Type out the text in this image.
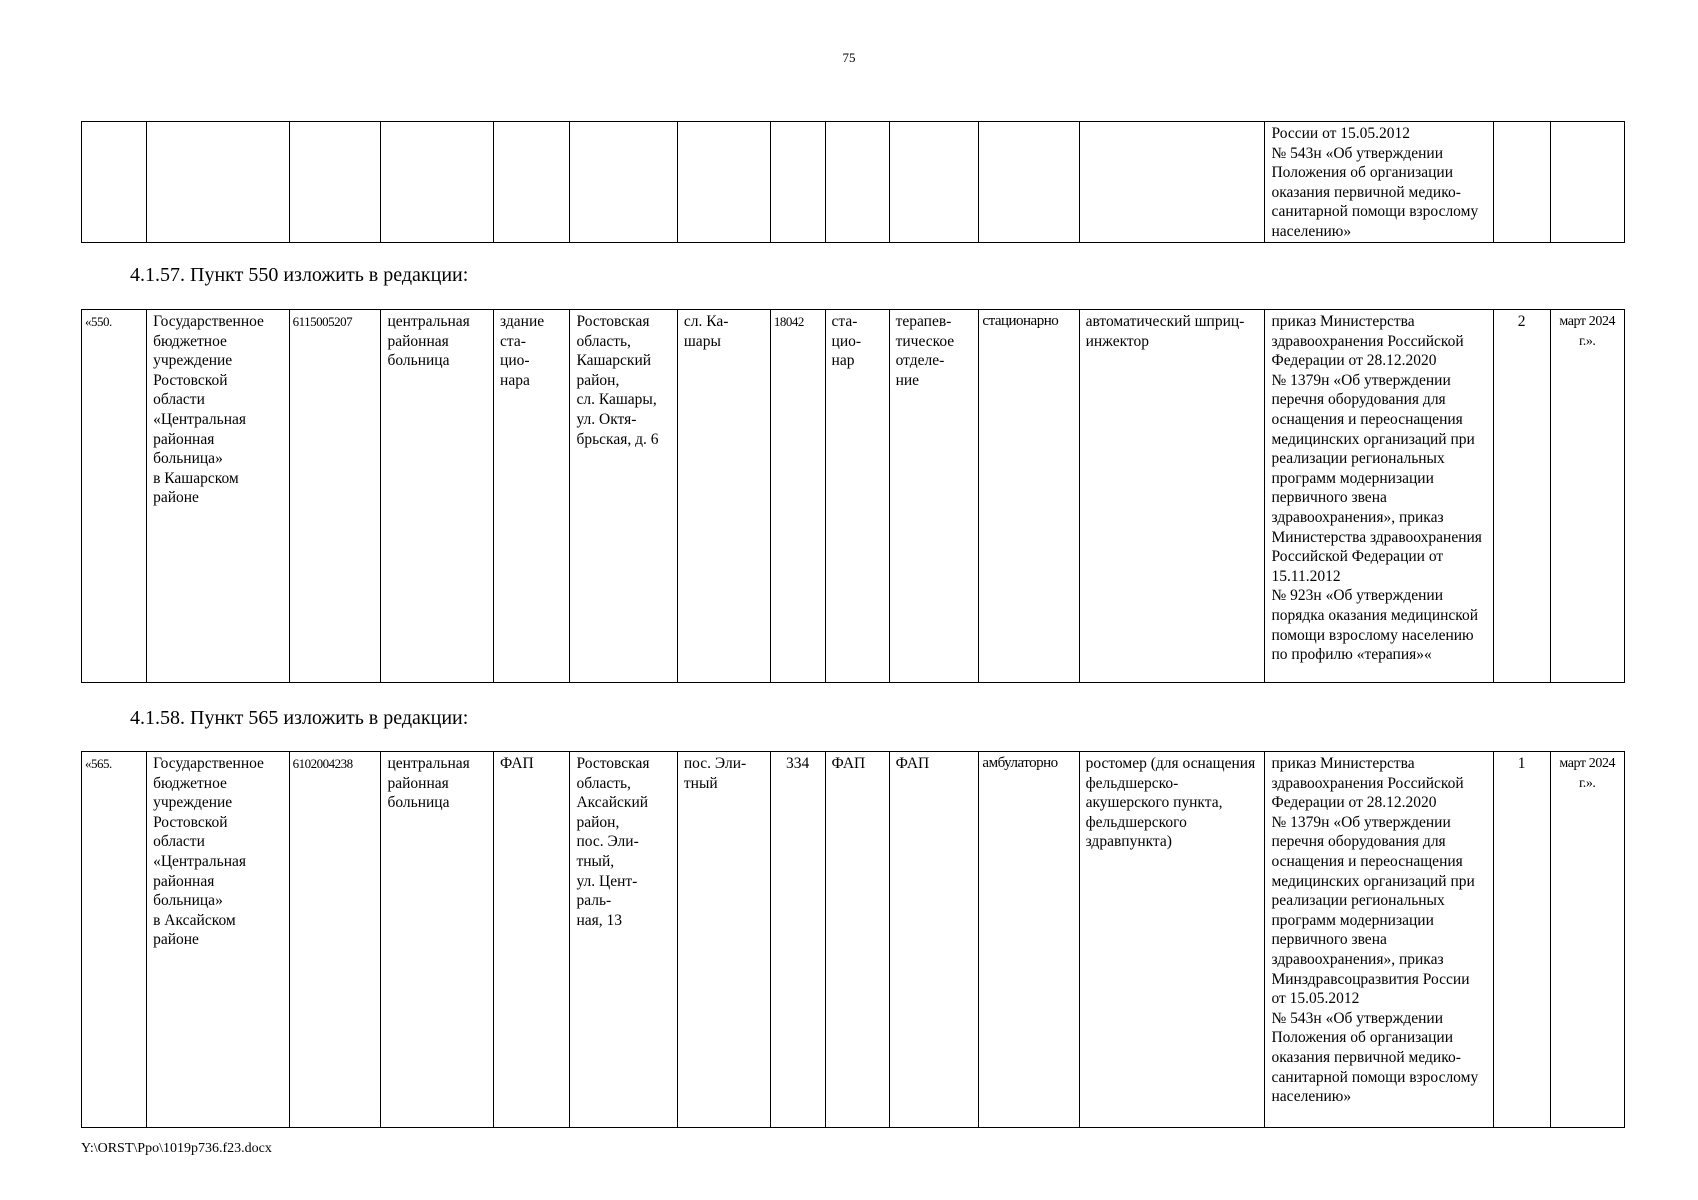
75
												России от 15.05.2012
№ 543н «Об утверждении Положения об организации оказания первичной медико-санитарной помощи взрослому населению»		
4.1.57. Пункт 550 изложить в редакции:
«550.	Государственное бюджетное учреждение Ростовской области «Центральная районная больница»
в Кашарском районе	6115005207	центральная районная больница	здание ста-
цио-
нара	Ростовская область, Кашарский район,
сл. Кашары, ул. Октя-
брьская, д. 6	сл. Ка-
шары	18042	ста-
цио-
нар	терапев-
тическое отделе-
ние	стационарно	автоматический шприц-инжектор	приказ Министерства здравоохранения Российской Федерации от 28.12.2020
№ 1379н «Об утверждении перечня оборудования для оснащения и переоснащения медицинских организаций при реализации региональных программ модернизации первичного звена здравоохранения», приказ Министерства здравоохранения Российской Федерации от 15.11.2012
№ 923н «Об утверждении порядка оказания медицинской помощи взрослому населению по профилю «терапия»«	2	март 2024 г.».
4.1.58. Пункт 565 изложить в редакции:
«565.	Государственное бюджетное учреждение Ростовской области «Центральная районная больница»
в Аксайском районе	6102004238	центральная районная больница	ФАП	Ростовская область, Аксайский район,
пос. Эли-
тный,
ул. Цент-
раль-
ная, 13	пос. Эли-
тный	334	ФАП	ФАП	амбулаторно	ростомер (для оснащения фельдшерско-акушерского пункта, фельдшерского здравпункта)	приказ Министерства здравоохранения Российской Федерации от 28.12.2020
№ 1379н «Об утверждении перечня оборудования для оснащения и переоснащения медицинских организаций при реализации региональных программ модернизации первичного звена здравоохранения», приказ Минздравсоцразвития России от 15.05.2012
№ 543н «Об утверждении Положения об организации оказания первичной медико-санитарной помощи взрослому населению»	1	март 2024 г.».
Y:\ORST\Ppo\1019p736.f23.docx
